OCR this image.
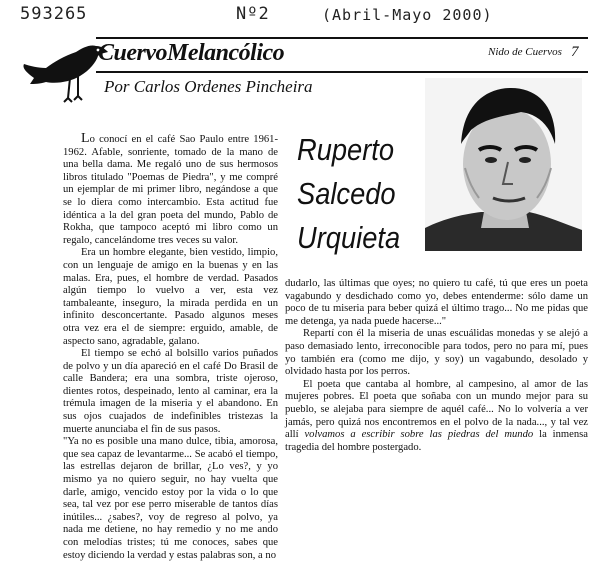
593265	Nº2	(Abril-Mayo 2000)
CuervoMelancólico
Por Carlos Ordenes Pincheira
Nido de Cuervos 7
Ruperto
Salcedo
Urquieta

Lo conocí en el café Sao Paulo entre 1961-1962. Afable, sonriente, tomado de la mano de una bella dama. Me regaló uno de sus hermosos libros titulado "Poemas de Piedra", y me compré un ejemplar de mi primer libro, negándose a que se lo diera como intercambio. Esta actitud fue idéntica a la del gran poeta del mundo, Pablo de Rokha, que tampoco aceptó mi libro como un regalo, cancelándome tres veces su valor.

Era un hombre elegante, bien vestido, limpio, con un lenguaje de amigo en la buenas y en las malas. Era, pues, el hombre de verdad. Pasados algún tiempo lo vuelvo a ver, esta vez tambaleante, inseguro, la mirada perdida en un infinito desconcertante. Pasado algunos meses otra vez era el de siempre: erguido, amable, de aspecto sano, agradable, galano.

El tiempo se echó al bolsillo varios puñados de polvo y un día apareció en el café Do Brasil de calle Bandera; era una sombra, triste ojeroso, dientes rotos, despeinado, lento al caminar, era la trémula imagen de la miseria y el abandono. En sus ojos cuajados de indefinibles tristezas la muerte anunciaba el fin de sus pasos.

"Ya no es posible una mano dulce, tibia, amorosa, que sea capaz de levantarme... Se acabó el tiempo, las estrellas dejaron de brillar, ¿Lo ves?, y yo mismo ya no quiero seguir, no hay vuelta que darle, amigo, vencido estoy por la vida o lo que sea, tal vez por ese perro miserable de tantos días inútiles... ¿sabes?, voy de regreso al polvo, ya nada me detiene, no hay remedio y no me ando con melodías tristes; tú me conoces, sabes que estoy diciendo la verdad y estas palabras son, a no

dudarlo, las últimas que oyes; no quiero tu café, tú que eres un poeta vagabundo y desdichado como yo, debes entenderme: sólo dame un poco de tu miseria para beber quizá el último trago... No me pidas que me detenga, ya nada puede hacerse..."

Repartí con él la miseria de unas escuálidas monedas y se alejó a paso demasiado lento, irreconocible para todos, pero no para mí, pues yo también era (como me dijo, y soy) un vagabundo, desolado y olvidado hasta por los perros.

El poeta que cantaba al hombre, al campesino, al amor de las mujeres pobres. El poeta que soñaba con un mundo mejor para su pueblo, se alejaba para siempre de aquél café... No lo volvería a ver jamás, pero quizá nos encontremos en el polvo de la nada..., y tal vez allí volvamos a escribir sobre las piedras del mundo la inmensa tragedia del hombre postergado.
